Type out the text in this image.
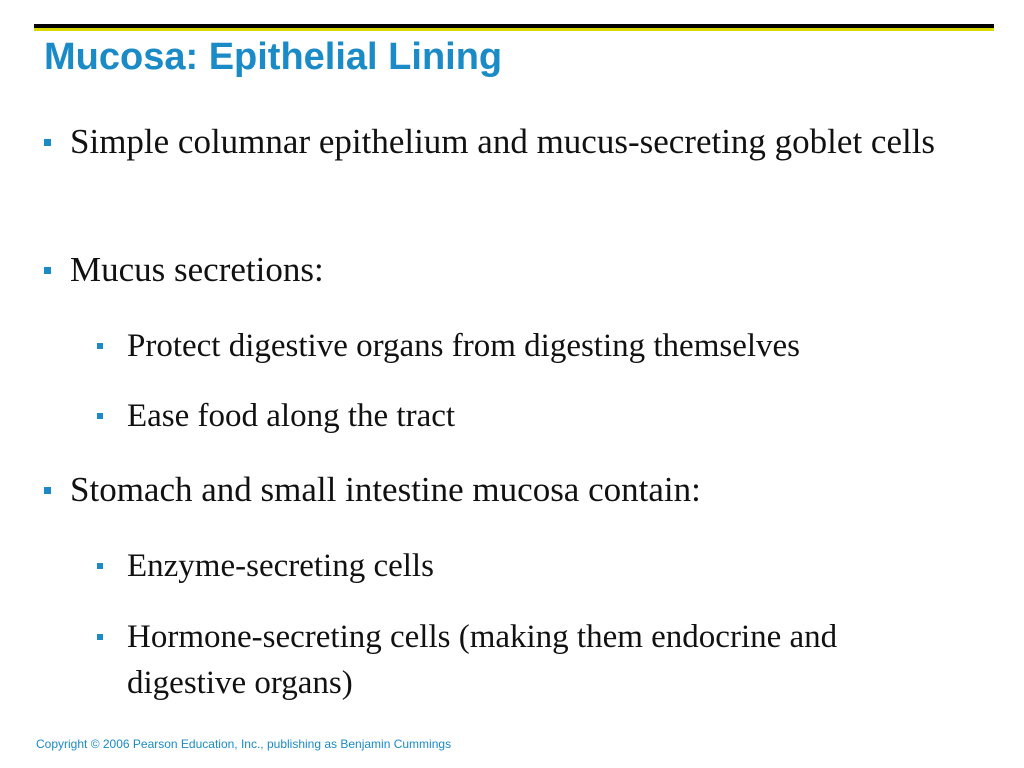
Mucosa: Epithelial Lining
Simple columnar epithelium and mucus-secreting goblet cells
Mucus secretions:
Protect digestive organs from digesting themselves
Ease food along the tract
Stomach and small intestine mucosa contain:
Enzyme-secreting cells
Hormone-secreting cells (making them endocrine and digestive organs)
Copyright © 2006 Pearson Education, Inc., publishing as Benjamin Cummings
